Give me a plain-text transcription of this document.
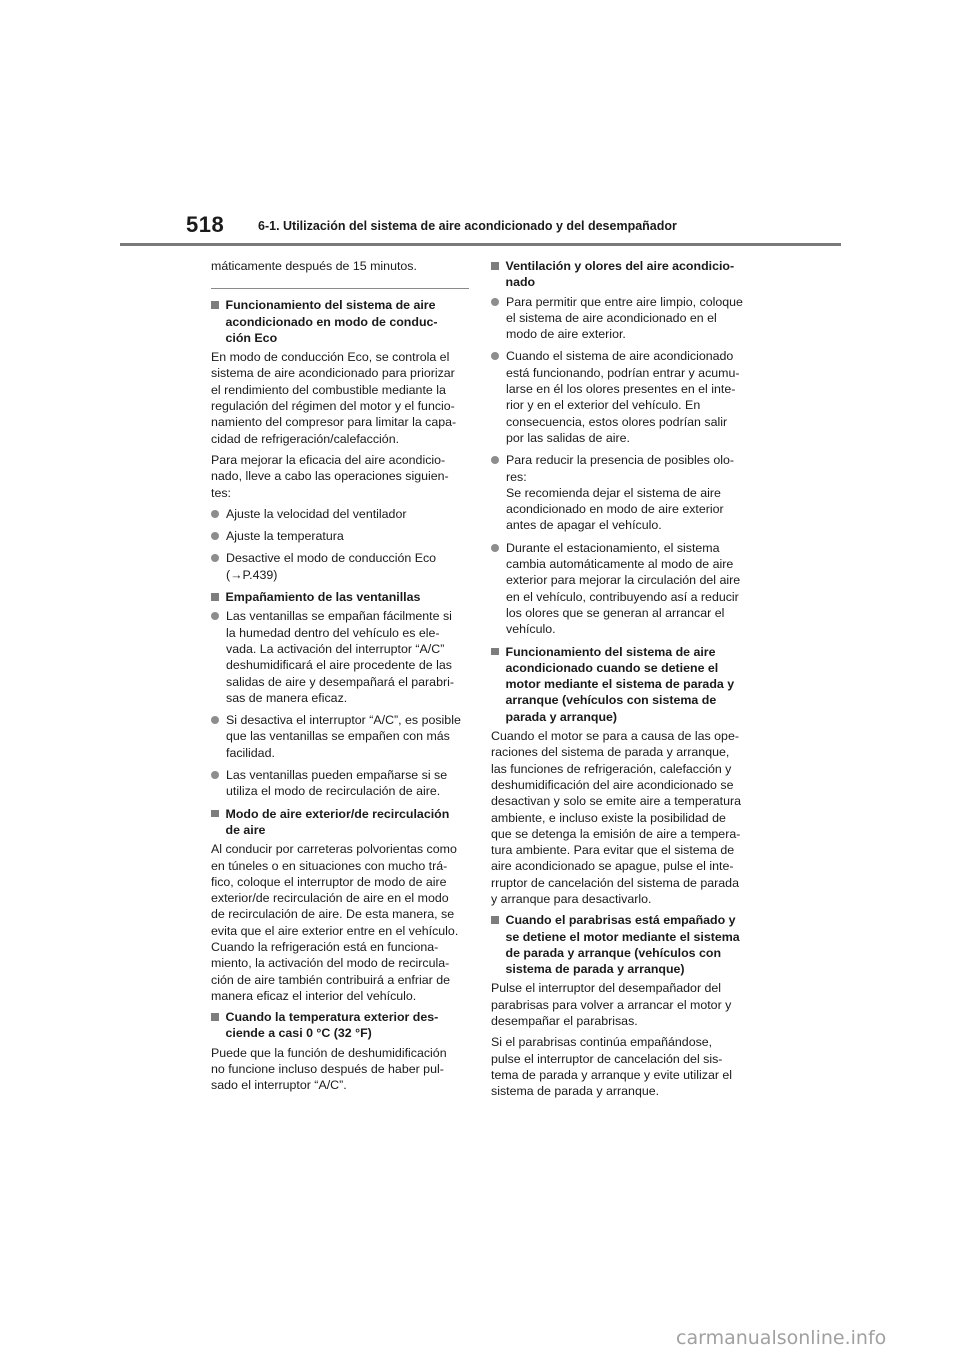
518	6-1. Utilización del sistema de aire acondicionado y del desempañador

máticamente después de 15 minutos.

Funcionamiento del sistema de aire
acondicionado en modo de conduc-
ción Eco

En modo de conducción Eco, se controla el
sistema de aire acondicionado para priorizar
el rendimiento del combustible mediante la
regulación del régimen del motor y el funcio-
namiento del compresor para limitar la capa-
cidad de refrigeración/calefacción.

Para mejorar la eficacia del aire acondicio-
nado, lleve a cabo las operaciones siguien-
tes:

Ajuste la velocidad del ventilador
Ajuste la temperatura
Desactive el modo de conducción Eco
(→P.439)
Empañamiento de las ventanillas
Las ventanillas se empañan fácilmente si
la humedad dentro del vehículo es ele-
vada. La activación del interruptor “A/C”
deshumidificará el aire procedente de las
salidas de aire y desempañará el parabri-
sas de manera eficaz.
Si desactiva el interruptor “A/C”, es posible
que las ventanillas se empañen con más
facilidad.
Las ventanillas pueden empañarse si se
utiliza el modo de recirculación de aire.
Modo de aire exterior/de recirculación
de aire

Al conducir por carreteras polvorientas como
en túneles o en situaciones con mucho trá-
fico, coloque el interruptor de modo de aire
exterior/de recirculación de aire en el modo
de recirculación de aire. De esta manera, se
evita que el aire exterior entre en el vehículo.
Cuando la refrigeración está en funciona-
miento, la activación del modo de recircula-
ción de aire también contribuirá a enfriar de
manera eficaz el interior del vehículo.

Cuando la temperatura exterior des-
ciende a casi 0 °C (32 °F)

Puede que la función de deshumidificación
no funcione incluso después de haber pul-
sado el interruptor “A/C”.

Ventilación y olores del aire acondicio-
nado
Para permitir que entre aire limpio, coloque
el sistema de aire acondicionado en el
modo de aire exterior.
Cuando el sistema de aire acondicionado
está funcionando, podrían entrar y acumu-
larse en él los olores presentes en el inte-
rior y en el exterior del vehículo. En
consecuencia, estos olores podrían salir
por las salidas de aire.
Para reducir la presencia de posibles olo-
res:
Se recomienda dejar el sistema de aire
acondicionado en modo de aire exterior
antes de apagar el vehículo.
Durante el estacionamiento, el sistema
cambia automáticamente al modo de aire
exterior para mejorar la circulación del aire
en el vehículo, contribuyendo así a reducir
los olores que se generan al arrancar el
vehículo.
Funcionamiento del sistema de aire
acondicionado cuando se detiene el
motor mediante el sistema de parada y
arranque (vehículos con sistema de
parada y arranque)

Cuando el motor se para a causa de las ope-
raciones del sistema de parada y arranque,
las funciones de refrigeración, calefacción y
deshumidificación del aire acondicionado se
desactivan y solo se emite aire a temperatura
ambiente, e incluso existe la posibilidad de
que se detenga la emisión de aire a tempera-
tura ambiente. Para evitar que el sistema de
aire acondicionado se apague, pulse el inte-
rruptor de cancelación del sistema de parada
y arranque para desactivarlo.

Cuando el parabrisas está empañado y
se detiene el motor mediante el sistema
de parada y arranque (vehículos con
sistema de parada y arranque)

Pulse el interruptor del desempañador del
parabrisas para volver a arrancar el motor y
desempañar el parabrisas.

Si el parabrisas continúa empañándose,
pulse el interruptor de cancelación del sis-
tema de parada y arranque y evite utilizar el
sistema de parada y arranque.

carmanualsonline.info
